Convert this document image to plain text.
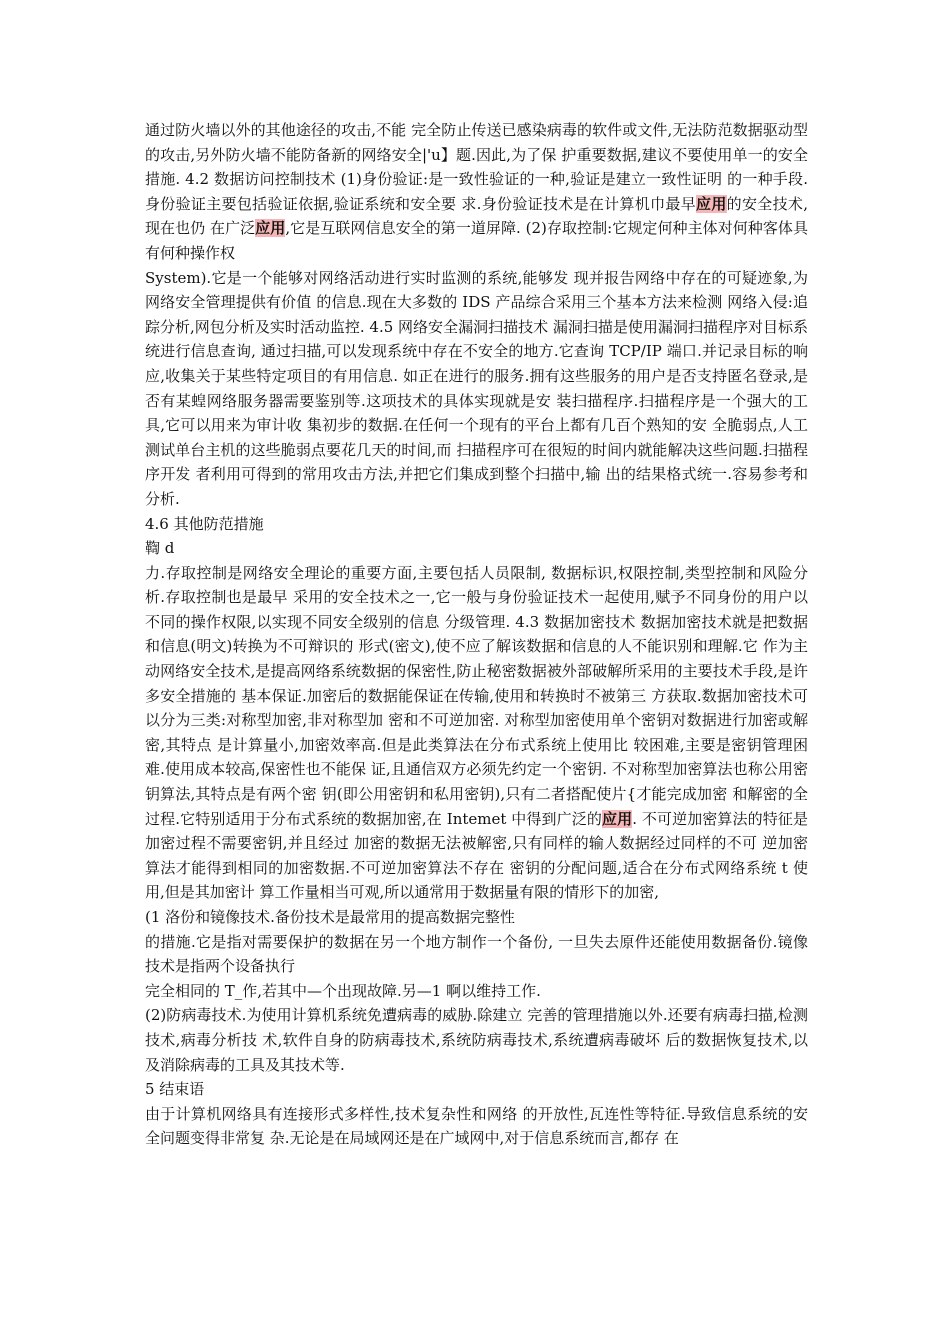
通过防火墙以外的其他途径的攻击,不能 完全防止传送已感染病毒的软件或文件,无法防范数据驱动型 的攻击,另外防火墙不能防备新的网络安全|'u】题.因此,为了保 护重要数据,建议不要使用单一的安全措施. 4.2 数据访问控制技术 (1)身份验证:是一致性验证的一种,验证是建立一致性证明 的一种手段.身份验证主要包括验证依据,验证系统和安全要 求.身份验证技术是在计算机巾最早应用的安全技术,现在也仍 在广泛应用,它是互联网信息安全的第一道屏障. (2)存取控制:它规定何种主体对何种客体具有何种操作权

System).它是一个能够对网络活动进行实时监测的系统,能够发 现并报告网络中存在的可疑迹象,为网络安全管理提供有价值 的信息.现在大多数的 IDS 产品综合采用三个基本方法来检测 网络入侵:追踪分析,网包分析及实时活动监控. 4.5 网络安全漏洞扫描技术 漏洞扫描是使用漏洞扫描程序对目标系统进行信息查询, 通过扫描,可以发现系统中存在不安全的地方.它查询 TCP/IP 端口.并记录目标的响应,收集关于某些特定项目的有用信息. 如正在进行的服务.拥有这些服务的用户是否支持匿名登录,是 否有某蝗网络服务器需要鉴别等.这项技术的具体实现就是安 装扫描程序.扫描程序是一个强大的工具,它可以用来为审计收 集初步的数据.在任何一个现有的平台上都有几百个熟知的安 全脆弱点,人工测试单台主机的这些脆弱点要花几天的时间,而 扫描程序可在很短的时间内就能解决这些问题.扫描程序开发 者利用可得到的常用攻击方法,并把它们集成到整个扫描中,输 出的结果格式统一.容易参考和分析.

4.6 其他防范措施

鞫 d

力.存取控制是网络安全理论的重要方面,主要包括人员限制, 数据标识,权限控制,类型控制和风险分析.存取控制也是最早 采用的安全技术之一,它一般与身份验证技术一起使用,赋予不同身份的用户以不同的操作权限,以实现不同安全级别的信息 分级管理. 4.3 数据加密技术 数据加密技术就是把数据和信息(明文)转换为不可辩识的 形式(密文),使不应了解该数据和信息的人不能识别和理解.它 作为主动网络安全技术,是提高网络系统数据的保密性,防止秘密数据被外部破解所采用的主要技术手段,是许多安全措施的 基本保证.加密后的数据能保证在传输,使用和转换时不被第三 方获取.数据加密技术可以分为三类:对称型加密,非对称型加 密和不可逆加密. 对称型加密使用单个密钥对数据进行加密或解密,其特点 是计算量小,加密效率高.但是此类算法在分布式系统上使用比 较困难,主要是密钥管理困难.使用成本较高,保密性也不能保 证,且通信双方必须先约定一个密钥. 不对称型加密算法也称公用密钥算法,其特点是有两个密 钥(即公用密钥和私用密钥),只有二者搭配使片{才能完成加密 和解密的全过程.它特别适用于分布式系统的数据加密,在 Intemet 中得到广泛的应用. 不可逆加密算法的特征是加密过程不需要密钥,并且经过 加密的数据无法被解密,只有同样的输人数据经过同样的不可 逆加密算法才能得到相同的加密数据.不可逆加密算法不存在 密钥的分配问题,适合在分布式网络系统 t 使用,但是其加密计 算工作量相当可观,所以通常用于数据量有限的情形下的加密,

(1 洛份和镜像技术.备份技术是最常用的提高数据完整性

的措施.它是指对需要保护的数据在另一个地方制作一个备份, 一旦失去原件还能使用数据备份.镜像技术是指两个设备执行

完全相同的 T_作,若其中—个出现故障.另—1 啊以维持工作.

(2)防病毒技术.为使用计算机系统免遭病毒的威胁.除建立 完善的管理措施以外.还要有病毒扫描,检测技术,病毒分析技 术,软件自身的防病毒技术,系统防病毒技术,系统遭病毒破坏 后的数据恢复技术,以及消除病毒的工具及其技术等.

5 结束语

由于计算机网络具有连接形式多样性,技术复杂性和网络 的开放性,瓦连性等特征.导致信息系统的安全问题变得非常复 杂.无论是在局域网还是在广域网中,对于信息系统而言,都存 在
